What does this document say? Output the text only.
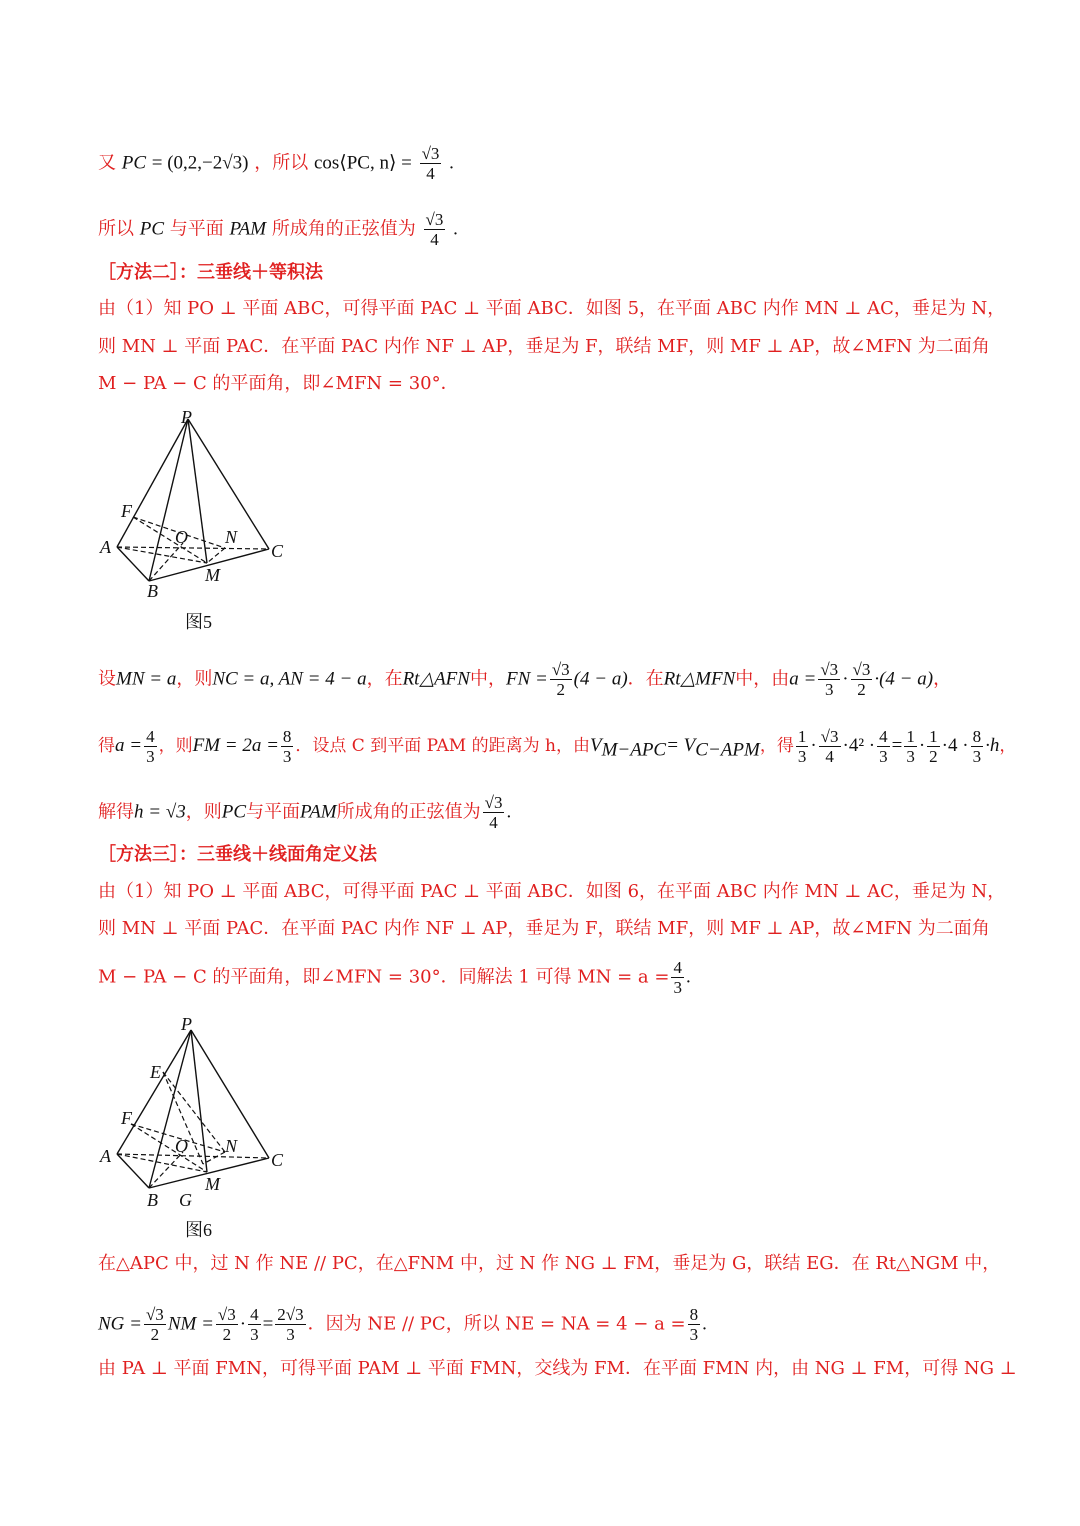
又 PC = (0,2,−2√3) ，所以 cos⟨PC, n⟩ = $\frac{√3}{4}$ .
所以 PC 与平面 PAM 所成角的正弦值为 $\frac{√3}{4}$ .
［方法二］：三垂线＋等积法
由（1）知 PO ⊥ 平面 ABC，可得平面 PAC ⊥ 平面 ABC．如图 5，在平面 ABC 内作 MN ⊥ AC，垂足为 N，
则 MN ⊥ 平面 PAC．在平面 PAC 内作 NF ⊥ AP，垂足为 F，联结 MF，则 MF ⊥ AP，故∠MFN 为二面角
M − PA − C 的平面角，即∠MFN = 30°．
P
F
A	O N
C
B
M
图5
设MN = a，则NC = a, AN = 4 − a，在Rt△AFN中，FN = $\frac{√3}{2} (4 - a)$．在Rt△MFN中，由$a = \frac{√3}{3} \cdot \frac{√3}{2} \cdot(4 - a)$，
得$a = \frac{4}{3}$ ，则FM = $2a = \frac{8}{3}$ ．设点 C 到平面 PAM 的距离为 h，由$V_{M-APC}= V_{C-APM}$，得 $\frac{1}{3} \cdot \frac{√3}{4} \cdot 4^2 \cdot \frac{4}{3} = \frac{1}{3} \cdot \frac{1}{2} \cdot 4 \cdot \frac{8}{3} \cdot h$，
解得h = √3，则PC与平面PAM所成角的正弦值为 $\frac{√3}{4}$ .
［方法三］：三垂线＋线面角定义法
由（1）知 PO ⊥ 平面 ABC，可得平面 PAC ⊥ 平面 ABC．如图 6，在平面 ABC 内作 MN ⊥ AC，垂足为 N，
则 MN ⊥ 平面 PAC．在平面 PAC 内作 NF ⊥ AP，垂足为 F，联结 MF，则 MF ⊥ AP，故∠MFN 为二面角
M − PA − C 的平面角，即∠MFN = 30°．同解法 1 可得 MN = $a = \frac{4}{3}$ .
P
E
F
A	O N
C
B G
M
图6
在△APC 中，过 N 作 NE // PC，在△FNM 中，过 N 作 NG ⊥ FM，垂足为 G，联结 EG．在 Rt△NGM 中，
NG = $\frac{√3}{2}$ NM = $\frac{√3}{2} \cdot \frac{4}{3} = \frac{2√3}{3}$ ．因为 NE // PC，所以 NE = NA = $4 - a = \frac{8}{3}$ .
由 PA ⊥ 平面 FMN，可得平面 PAM ⊥ 平面 FMN，交线为 FM．在平面 FMN 内，由 NG ⊥ FM，可得 NG ⊥
